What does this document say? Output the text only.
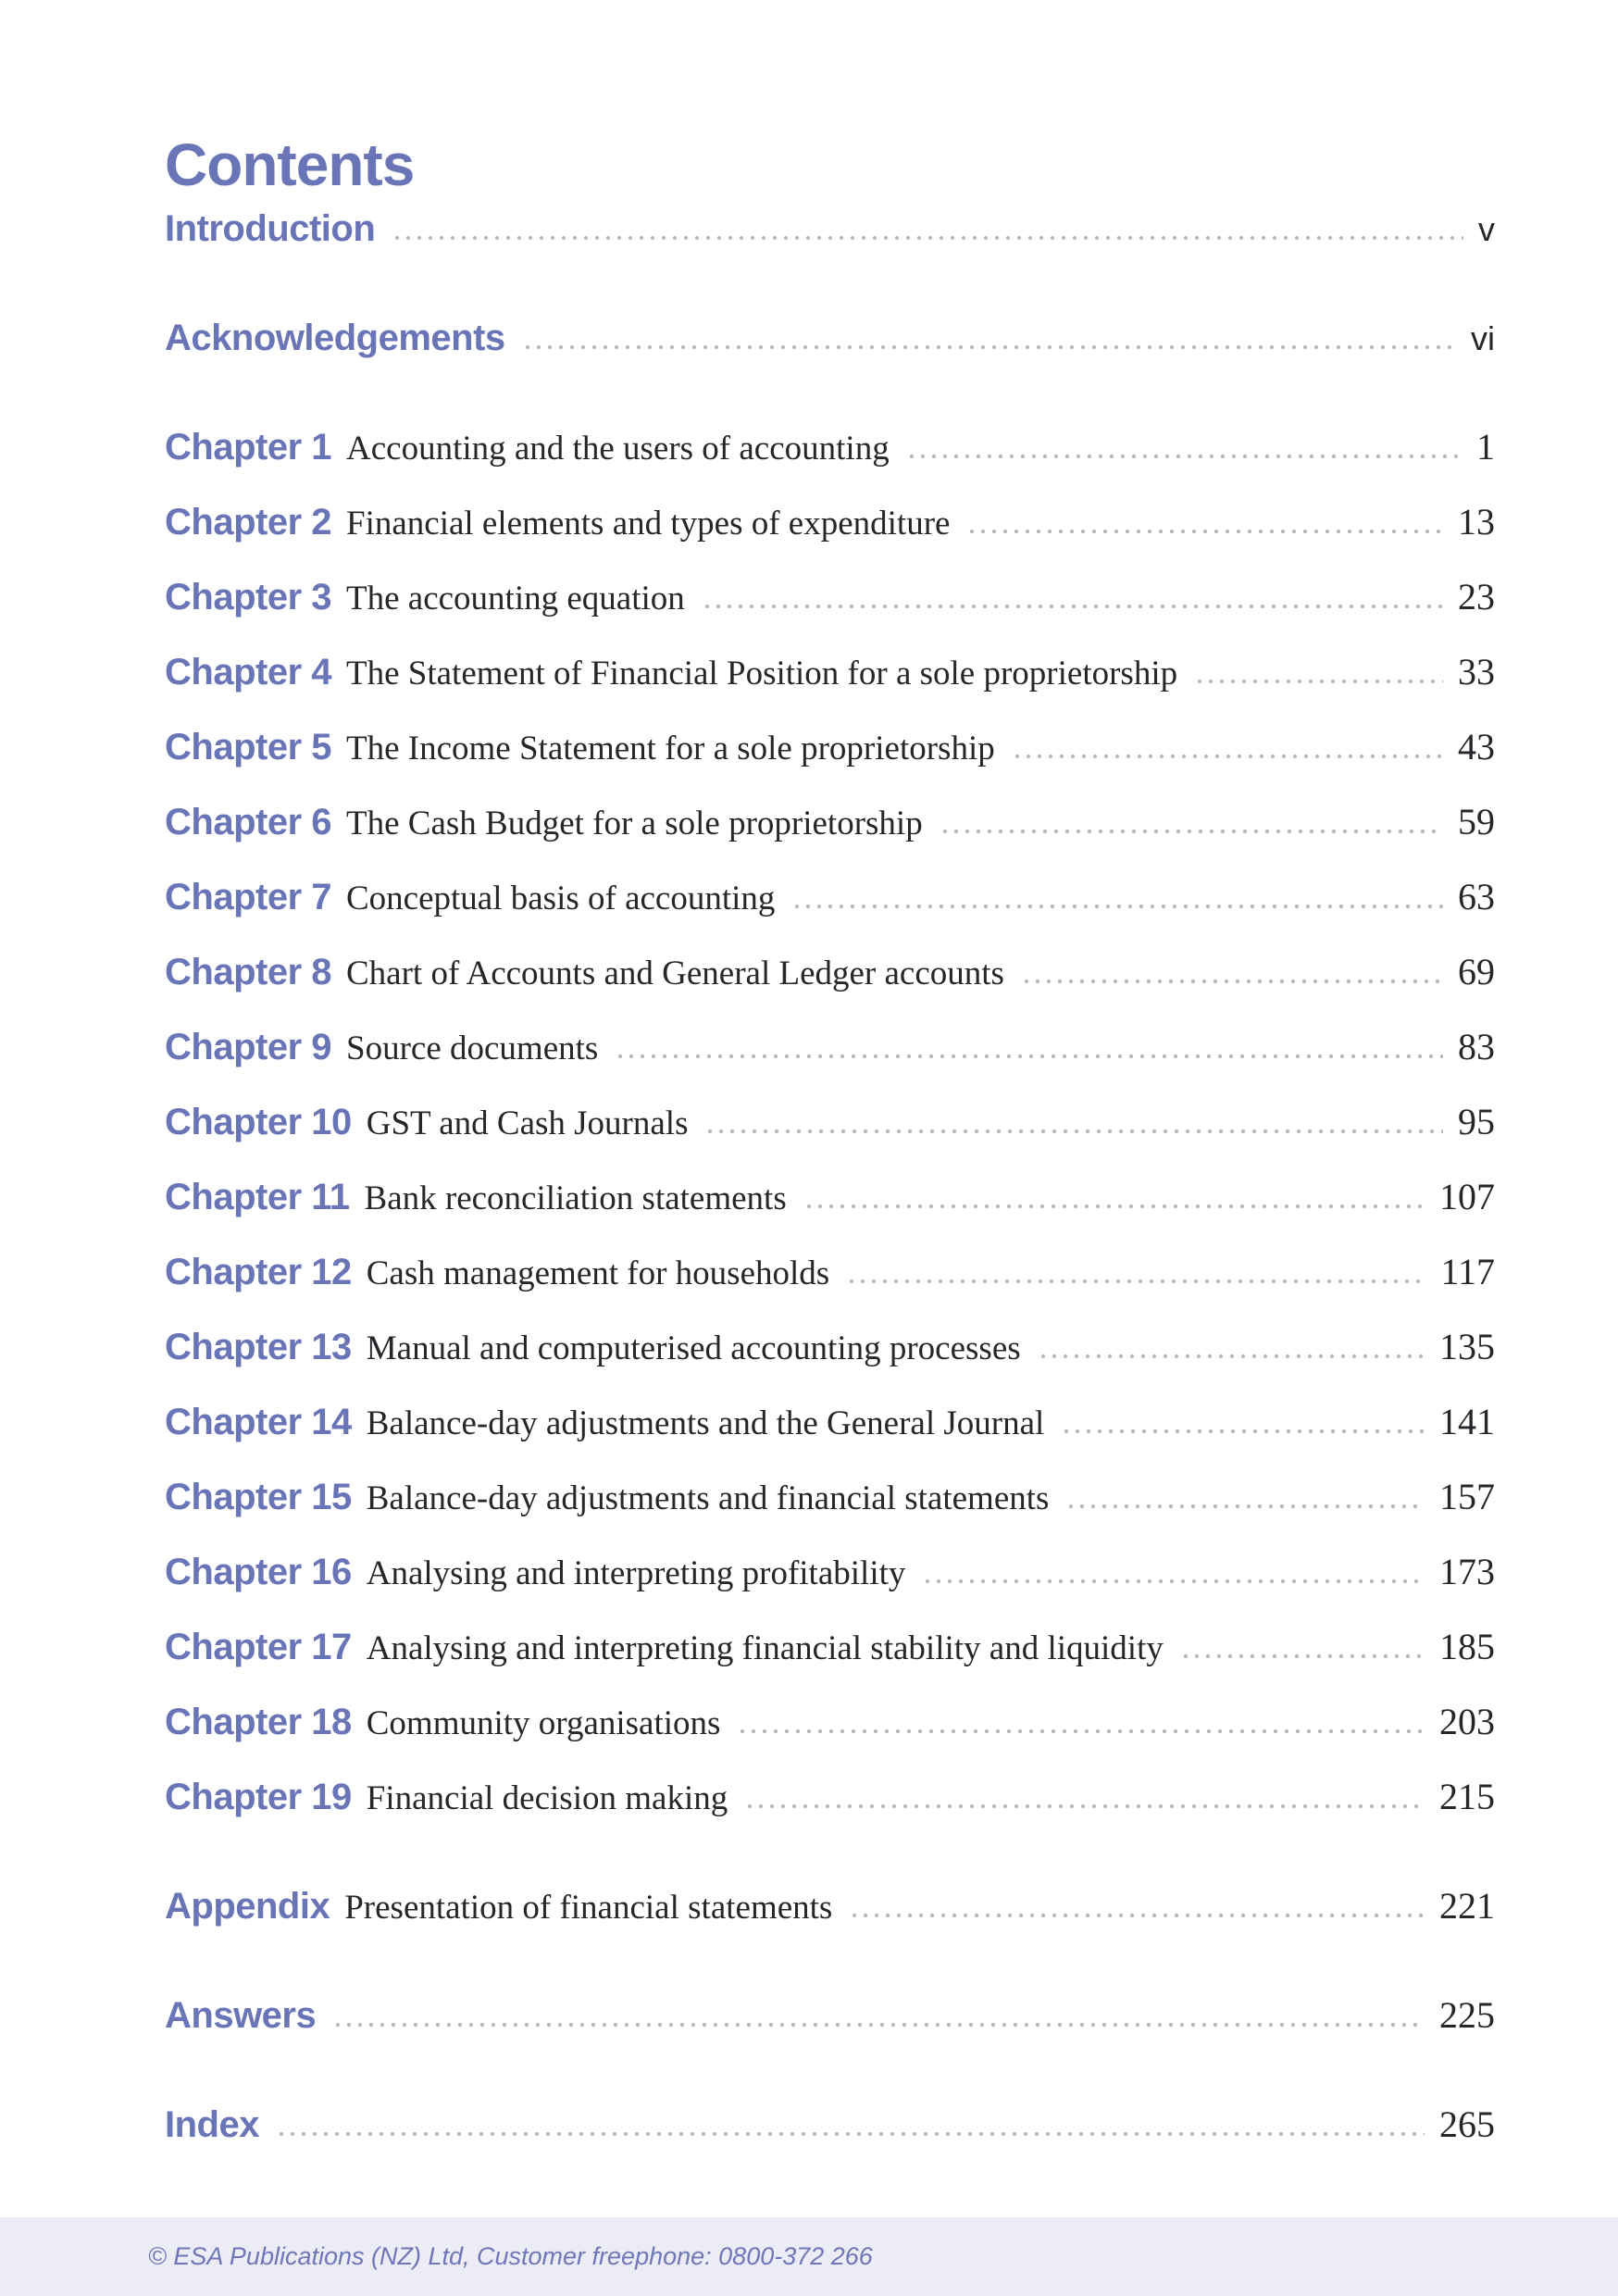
Contents
Introduction	v
Acknowledgements	vi
Chapter 1 Accounting and the users of accounting	1
Chapter 2 Financial elements and types of expenditure	13
Chapter 3 The accounting equation	23
Chapter 4 The Statement of Financial Position for a sole proprietorship	33
Chapter 5 The Income Statement for a sole proprietorship	43
Chapter 6 The Cash Budget for a sole proprietorship	59
Chapter 7 Conceptual basis of accounting	63
Chapter 8 Chart of Accounts and General Ledger accounts	69
Chapter 9 Source documents	83
Chapter 10 GST and Cash Journals	95
Chapter 11 Bank reconciliation statements	107
Chapter 12 Cash management for households	117
Chapter 13 Manual and computerised accounting processes	135
Chapter 14 Balance-day adjustments and the General Journal	141
Chapter 15 Balance-day adjustments and financial statements	157
Chapter 16 Analysing and interpreting profitability	173
Chapter 17 Analysing and interpreting financial stability and liquidity	185
Chapter 18 Community organisations	203
Chapter 19 Financial decision making	215
Appendix Presentation of financial statements	221
Answers	225
Index	265
© ESA Publications (NZ) Ltd, Customer freephone: 0800-372 266
